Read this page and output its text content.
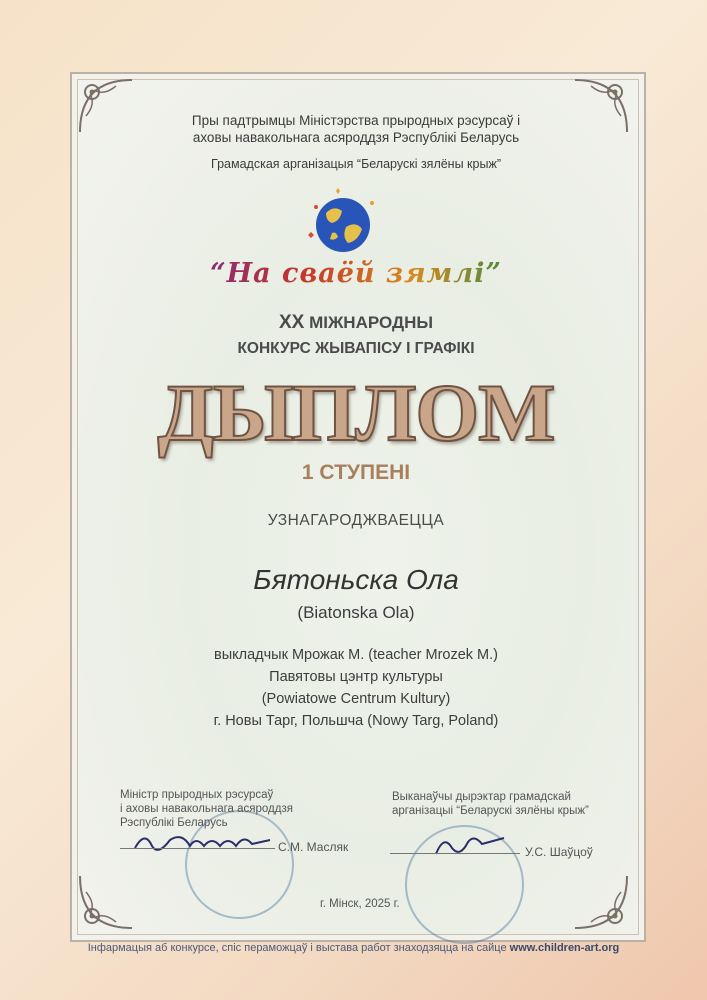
Пры падтрымцы Міністэрства прыродных рэсурсаў і
аховы навакольнага асяроддзя Рэспублікі Беларусь
Грамадская арганізацыя “Беларускі зялёны крыж”
“На сваёй зямлі”
XX МІЖНАРОДНЫ
КОНКУРС ЖЫВАПІСУ І ГРАФІКІ
ДЫПЛОМ
1 СТУПЕНІ
УЗНАГАРОДЖВАЕЦЦА
Бятоньска Ола
(Biatonska Ola)
выкладчык Мрожак М. (teacher Mrozek M.)
Павятовы цэнтр культуры
(Powiatowe Centrum Kultury)
г. Новы Тарг, Польшча (Nowy Targ, Poland)
Міністр прыродных рэсурсаў
і аховы навакольнага асяроддзя
Рэспублікі Беларусь
Выканаўчы дырэктар грамадскай
арганізацыі “Беларускі зялёны крыж”
С.М. Масляк	У.С. Шаўцоў
г. Мінск, 2025 г.
Інфармацыя аб конкурсе, спіс пераможцаў і выстава работ знаходзяцца на сайце www.children-art.org
